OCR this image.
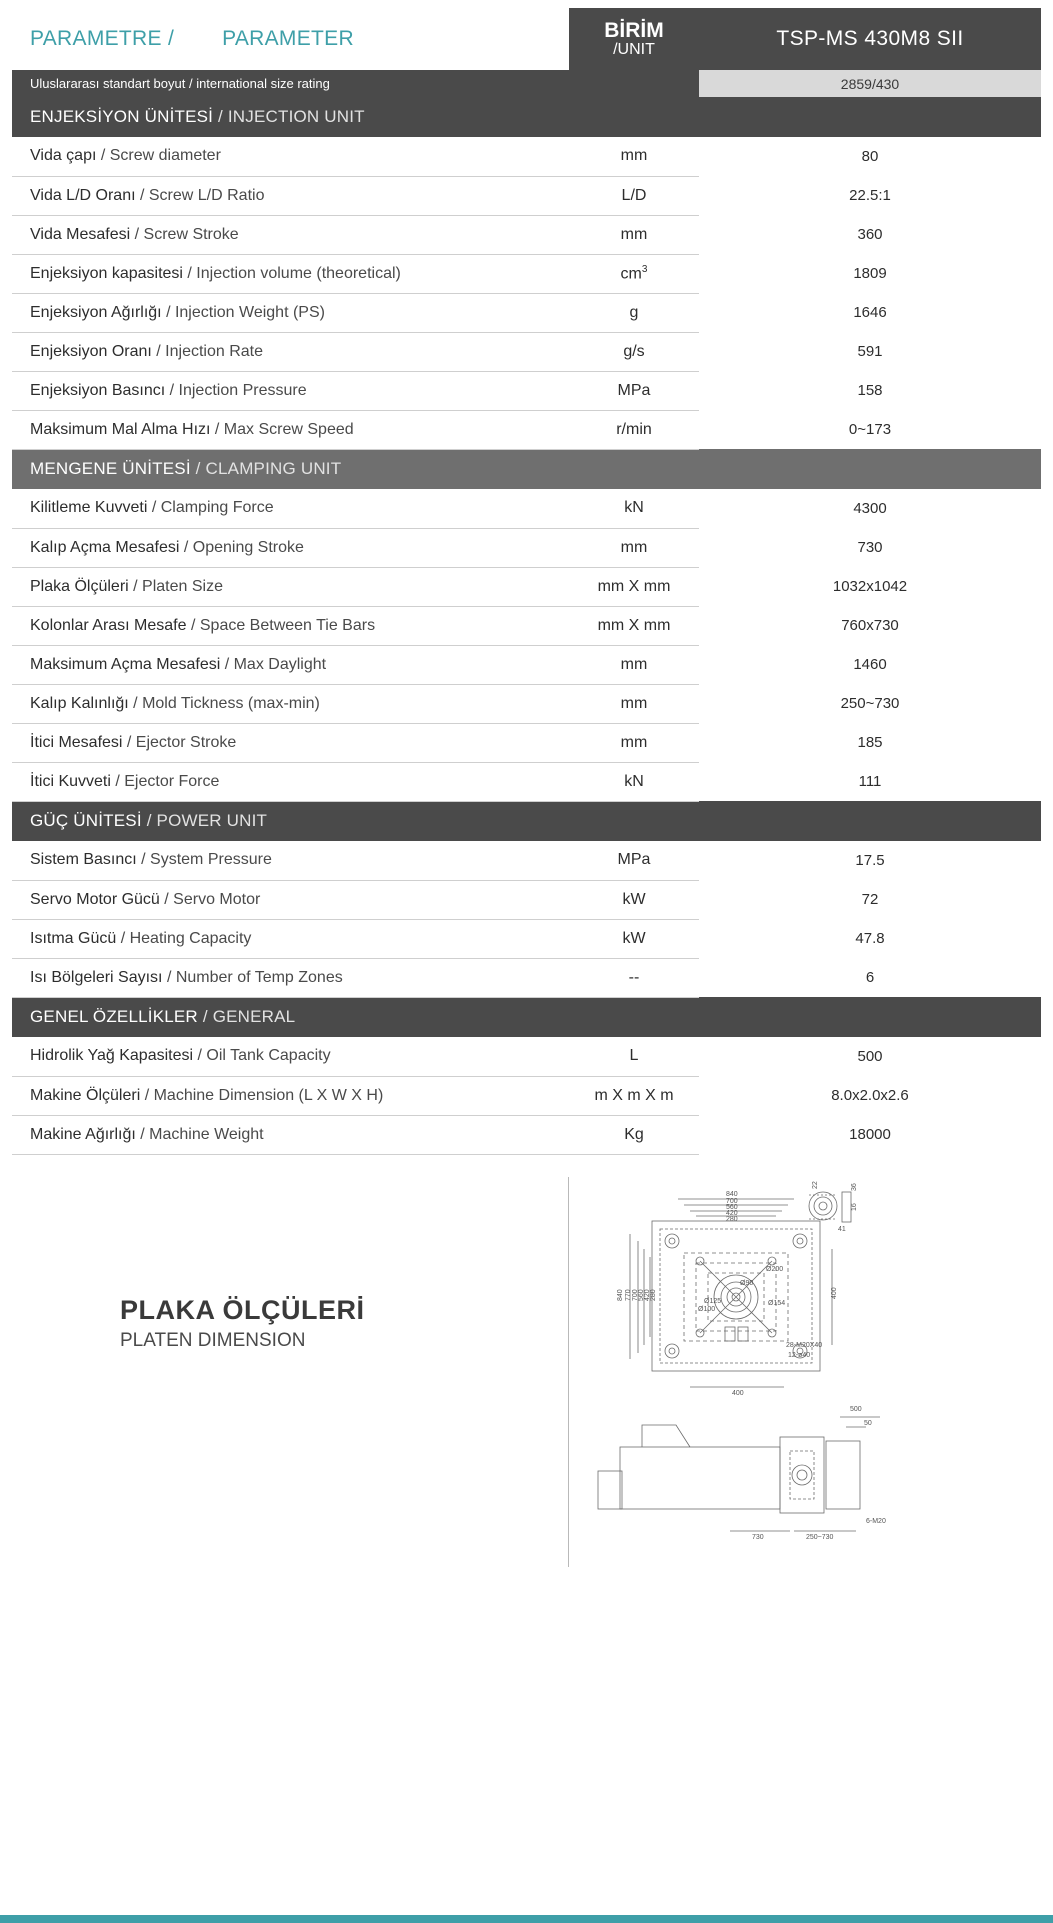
PARAMETRE / PARAMETER	BİRİM
/UNIT	TSP-MS 430M8 SII
Uluslararası standart boyut / international size rating		2859/430
ENJEKSİYON ÜNİTESİ / INJECTION UNIT		
Vida çapı / Screw diameter	mm	80
Vida L/D Oranı / Screw L/D Ratio	L/D	22.5:1
Vida Mesafesi / Screw Stroke	mm	360
Enjeksiyon kapasitesi / Injection volume (theoretical)	$cm^3$	1809
Enjeksiyon Ağırlığı / Injection Weight (PS)	g	1646
Enjeksiyon Oranı / Injection Rate	g/s	591
Enjeksiyon Basıncı / Injection Pressure	MPa	158
Maksimum Mal Alma Hızı / Max Screw Speed	r/min	0~173
MENGENE ÜNİTESİ / CLAMPING UNIT		
Kilitleme Kuvveti / Clamping Force	kN	4300
Kalıp Açma Mesafesi / Opening Stroke	mm	730
Plaka Ölçüleri / Platen Size	mm X mm	1032x1042
Kolonlar Arası Mesafe / Space Between Tie Bars	mm X mm	760x730
Maksimum Açma Mesafesi / Max Daylight	mm	1460
Kalıp Kalınlığı / Mold Tickness (max-min)	mm	250~730
İtici Mesafesi / Ejector Stroke	mm	185
İtici Kuvveti / Ejector Force	kN	111
GÜÇ ÜNİTESİ / POWER UNIT		
Sistem Basıncı / System Pressure	MPa	17.5
Servo Motor Gücü / Servo Motor	kW	72
Isıtma Gücü / Heating Capacity	kW	47.8
Isı Bölgeleri Sayısı / Number of Temp Zones	--	6
GENEL ÖZELLİKLER / GENERAL		
Hidrolik Yağ Kapasitesi / Oil Tank Capacity	L	500
Makine Ölçüleri / Machine Dimension (L X W X H)	m X m X m	8.0x2.0x2.6
Makine Ağırlığı / Machine Weight	Kg	18000
PLAKA ÖLÇÜLERİ
PLATEN DIMENSION
840
700
560
420
280
840 770 700 560 420 280
400
400
22	36
16
41
Ø90
Ø200
Ø125
Ø100
Ø154
28-M20X40
12-ø40
500
50
730	250~730
6-M20
